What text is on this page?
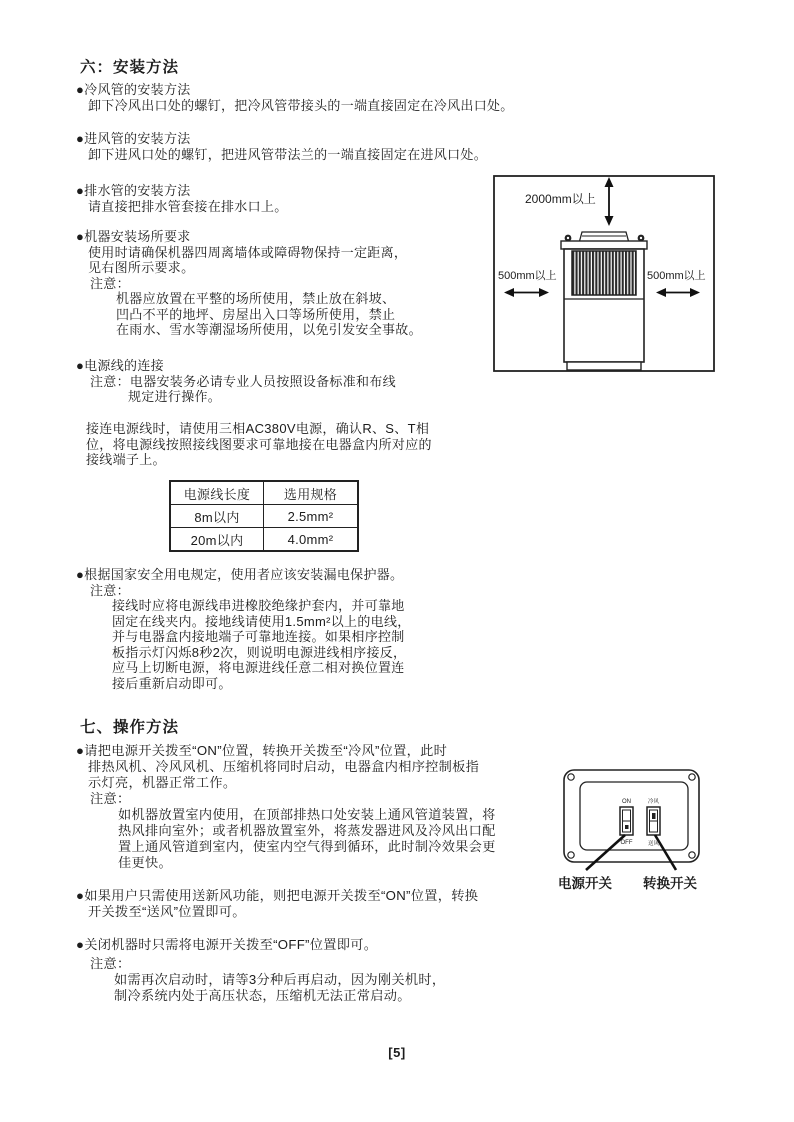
六：安装方法
●冷风管的安装方法
卸下冷风出口处的螺钉，把冷风管带接头的一端直接固定在冷风出口处。
●进风管的安装方法
卸下进风口处的螺钉，把进风管带法兰的一端直接固定在进风口处。
●排水管的安装方法
请直接把排水管套接在排水口上。
●机器安装场所要求
使用时请确保机器四周离墙体或障碍物保持一定距离，
见右图所示要求。
注意：
机器应放置在平整的场所使用，禁止放在斜坡、
凹凸不平的地坪、房屋出入口等场所使用，禁止
在雨水、雪水等潮湿场所使用，以免引发安全事故。
●电源线的连接
注意：电器安装务必请专业人员按照设备标准和布线
规定进行操作。
接连电源线时，请使用三相AC380V电源，确认R、S、T相
位，将电源线按照接线图要求可靠地接在电器盒内所对应的
接线端子上。
电源线长度	选用规格
8m以内	2.5mm²
20m以内	4.0mm²
●根据国家安全用电规定，使用者应该安装漏电保护器。
注意：
接线时应将电源线串进橡胶绝缘护套内，并可靠地
固定在线夹内。接地线请使用1.5mm²以上的电线，
并与电器盒内接地端子可靠地连接。如果相序控制
板指示灯闪烁8秒2次，则说明电源进线相序接反，
应马上切断电源，将电源进线任意二相对换位置连
接后重新启动即可。
2000mm以上
500mm以上	500mm以上
七、操作方法
●请把电源开关拨至“ON”位置，转换开关拨至“冷风”位置，此时
排热风机、冷风风机、压缩机将同时启动，电器盒内相序控制板指
示灯亮，机器正常工作。
注意：
如机器放置室内使用，在顶部排热口处安装上通风管道装置，将
热风排向室外；或者机器放置室外，将蒸发器进风及冷风出口配
置上通风管道到室内，使室内空气得到循环，此时制冷效果会更
佳更快。
●如果用户只需使用送新风功能，则把电源开关拨至“ON”位置，转换
开关拨至“送风”位置即可。
●关闭机器时只需将电源开关拨至“OFF”位置即可。
注意：
如需再次启动时，请等3分种后再启动，因为刚关机时，
制冷系统内处于高压状态，压缩机无法正常启动。
ON
OFF
冷风
送风
电源开关 转换开关
[5]
